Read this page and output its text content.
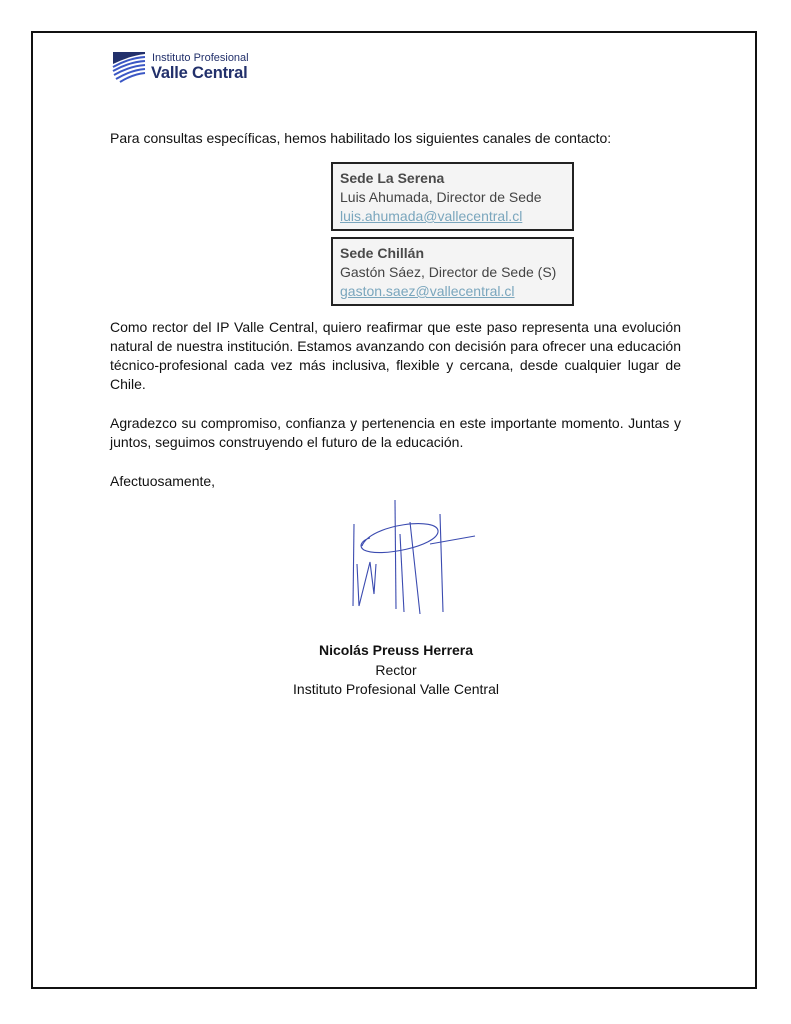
Instituto Profesional
Valle Central

Para consultas específicas, hemos habilitado los siguientes canales de contacto:

Sede La Serena
Luis Ahumada, Director de Sede
luis.ahumada@vallecentral.cl
Sede Chillán
Gastón Sáez, Director de Sede (S)
gaston.saez@vallecentral.cl

Como rector del IP Valle Central, quiero reafirmar que este paso representa una evolución natural de nuestra institución. Estamos avanzando con decisión para ofrecer una educación técnico-profesional cada vez más inclusiva, flexible y cercana, desde cualquier lugar de Chile.

Agradezco su compromiso, confianza y pertenencia en este importante momento. Juntas y juntos, seguimos construyendo el futuro de la educación.

Afectuosamente,
Nicolás Preuss Herrera
Rector
Instituto Profesional Valle Central
